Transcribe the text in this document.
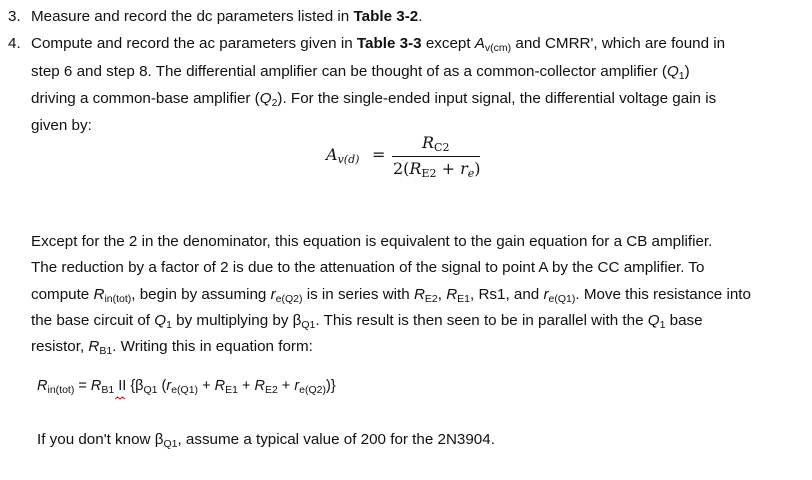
3. Measure and record the dc parameters listed in Table 3-2.
4. Compute and record the ac parameters given in Table 3-3 except $A_{v(cm)}$ and CMRR', which are found in
step 6 and step 8. The differential amplifier can be thought of as a common-collector amplifier $(Q_1)$
driving a common-base amplifier $(Q_2)$. For the single-ended input signal, the differential voltage gain is
given by:
$A_{v(d)}$ =
$R_{C2}$
$2(R_{E2} + r_e)$
Except for the 2 in the denominator, this equation is equivalent to the gain equation for a CB amplifier.
The reduction by a factor of 2 is due to the attenuation of the signal to point A by the CC amplifier. To
compute $R_{in(tot)}$, begin by assuming $r_{e(Q2)}$ is in series with $R_{E2}$, $R_{E1}$, Rs1, and $r_{e(Q1)}$. Move this resistance into
the base circuit of $Q_1$ by multiplying by $\beta_{Q1}$. This result is then seen to be in parallel with the $Q_1$ base
resistor, $R_{B1}$. Writing this in equation form:
$R_{in(tot)} = R_{B1}$ II {$\beta_{Q1}$ $(r_{e(Q1)} + R_{E1} + R_{E2} + r_{e(Q2)})$}
If you don't know $\beta_{Q1}$, assume a typical value of 200 for the 2N3904.
